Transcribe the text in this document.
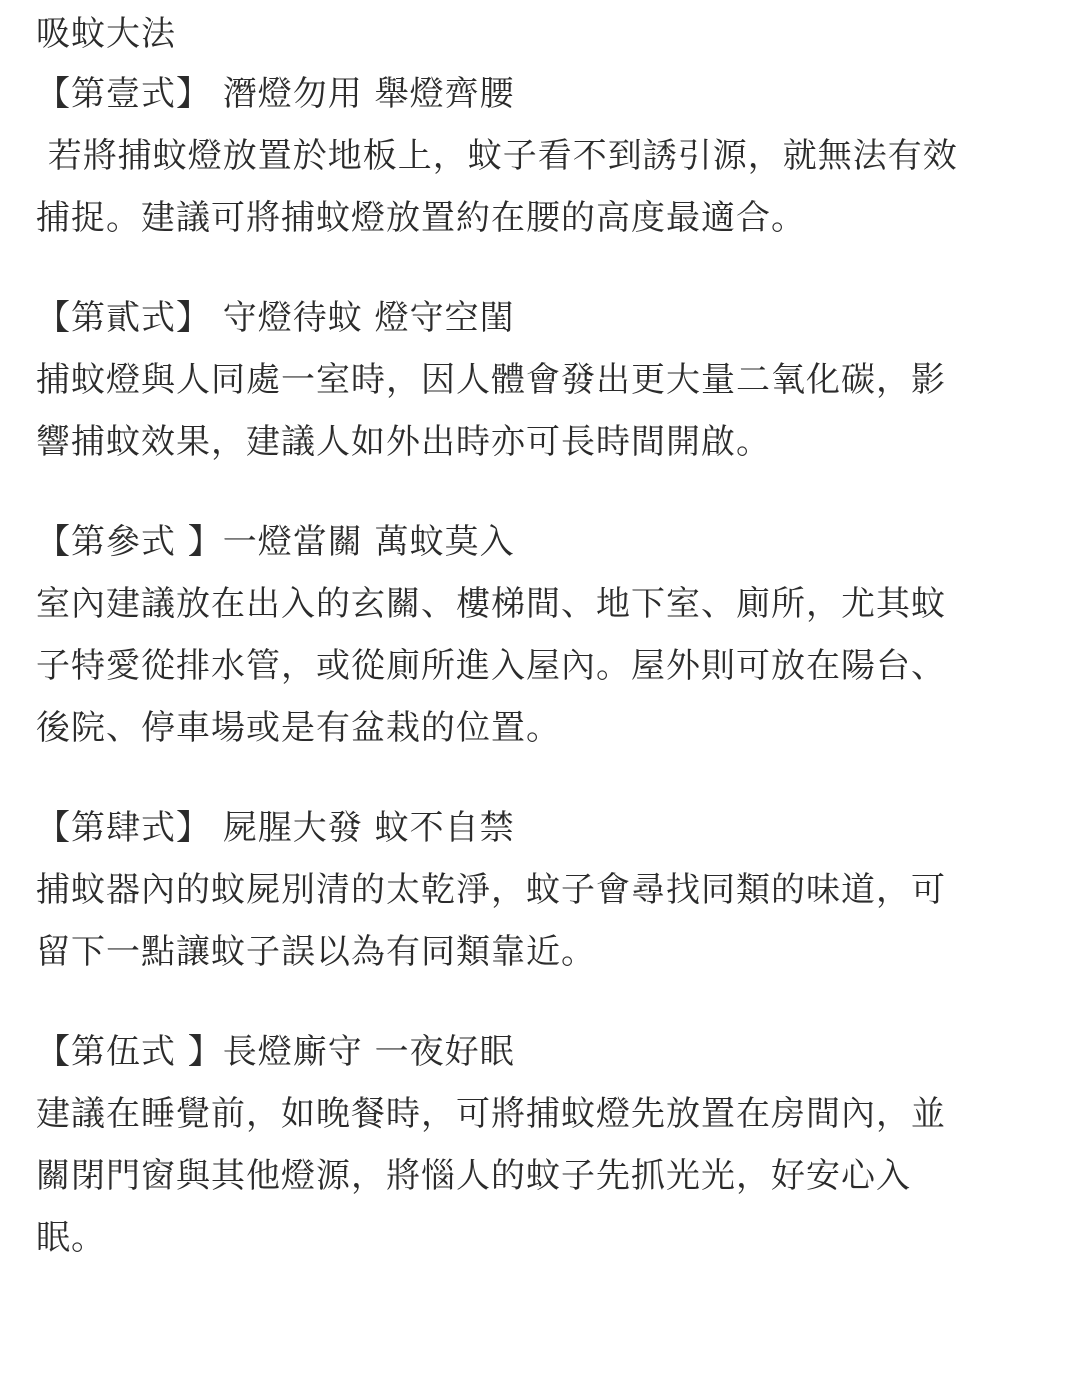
吸蚊大法

【第壹式】 潛燈勿用 舉燈齊腰

若將捕蚊燈放置於地板上，蚊子看不到誘引源，就無法有效

捕捉。建議可將捕蚊燈放置約在腰的高度最適合。

【第貳式】 守燈待蚊 燈守空閨

捕蚊燈與人同處一室時，因人體會發出更大量二氧化碳，影

響捕蚊效果，建議人如外出時亦可長時間開啟。

【第參式 】一燈當關 萬蚊莫入

室內建議放在出入的玄關、樓梯間、地下室、廁所，尤其蚊

子特愛從排水管，或從廁所進入屋內。屋外則可放在陽台、

後院、停車場或是有盆栽的位置。

【第肆式】 屍腥大發 蚊不自禁

捕蚊器內的蚊屍別清的太乾淨，蚊子會尋找同類的味道，可

留下一點讓蚊子誤以為有同類靠近。

【第伍式 】長燈廝守 一夜好眠

建議在睡覺前，如晚餐時，可將捕蚊燈先放置在房間內，並

關閉門窗與其他燈源，將惱人的蚊子先抓光光，好安心入

眠。
